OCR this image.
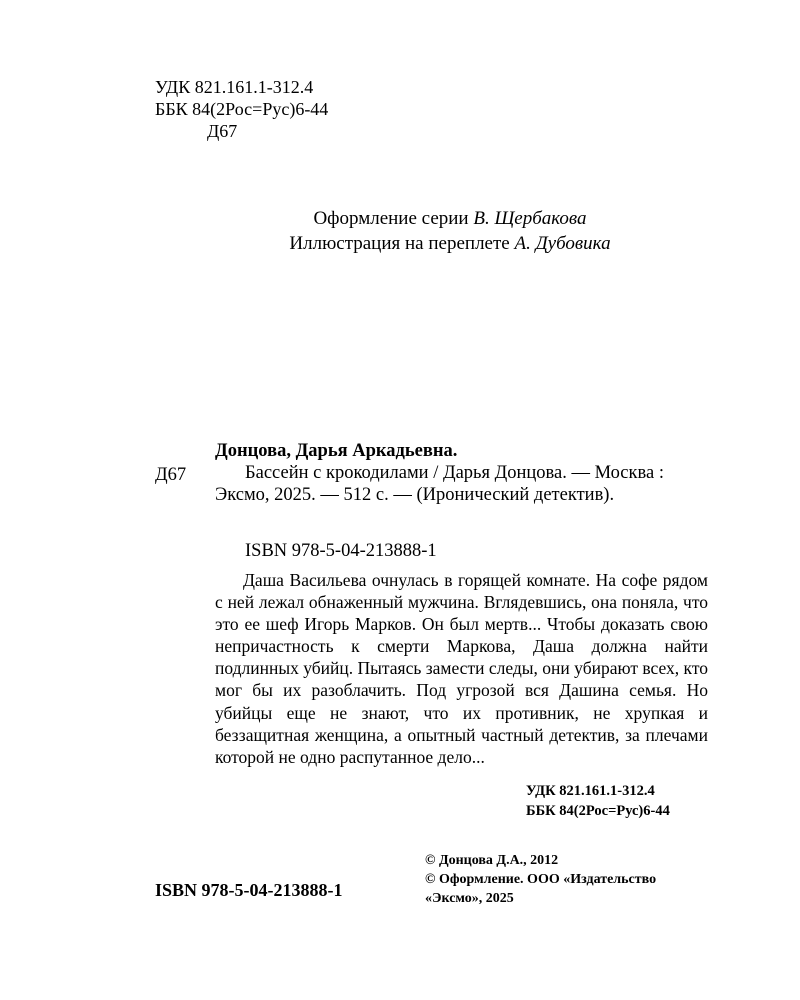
УДК 821.161.1-312.4
ББК 84(2Рос=Рус)6-44
Д67
Оформление серии В. Щербакова
Иллюстрация на переплете А. Дубовика
Д67
Донцова, Дарья Аркадьевна.
Бассейн с крокодилами / Дарья Донцова. — Москва : Эксмо, 2025. — 512 с. — (Иронический детектив).
ISBN 978-5-04-213888-1

Даша Васильева очнулась в горящей комнате. На софе рядом с ней лежал обнаженный мужчина. Вглядевшись, она поняла, что это ее шеф Игорь Марков. Он был мертв... Чтобы доказать свою непричастность к смерти Маркова, Даша должна найти подлинных убийц. Пытаясь замести следы, они убирают всех, кто мог бы их разоблачить. Под угрозой вся Дашина семья. Но убийцы еще не знают, что их противник, не хрупкая и беззащитная женщина, а опытный частный детектив, за плечами которой не одно распутанное дело...

УДК 821.161.1-312.4
ББК 84(2Рос=Рус)6-44
© Донцова Д.А., 2012
© Оформление. ООО «Издательство
«Эксмо», 2025
ISBN 978-5-04-213888-1
